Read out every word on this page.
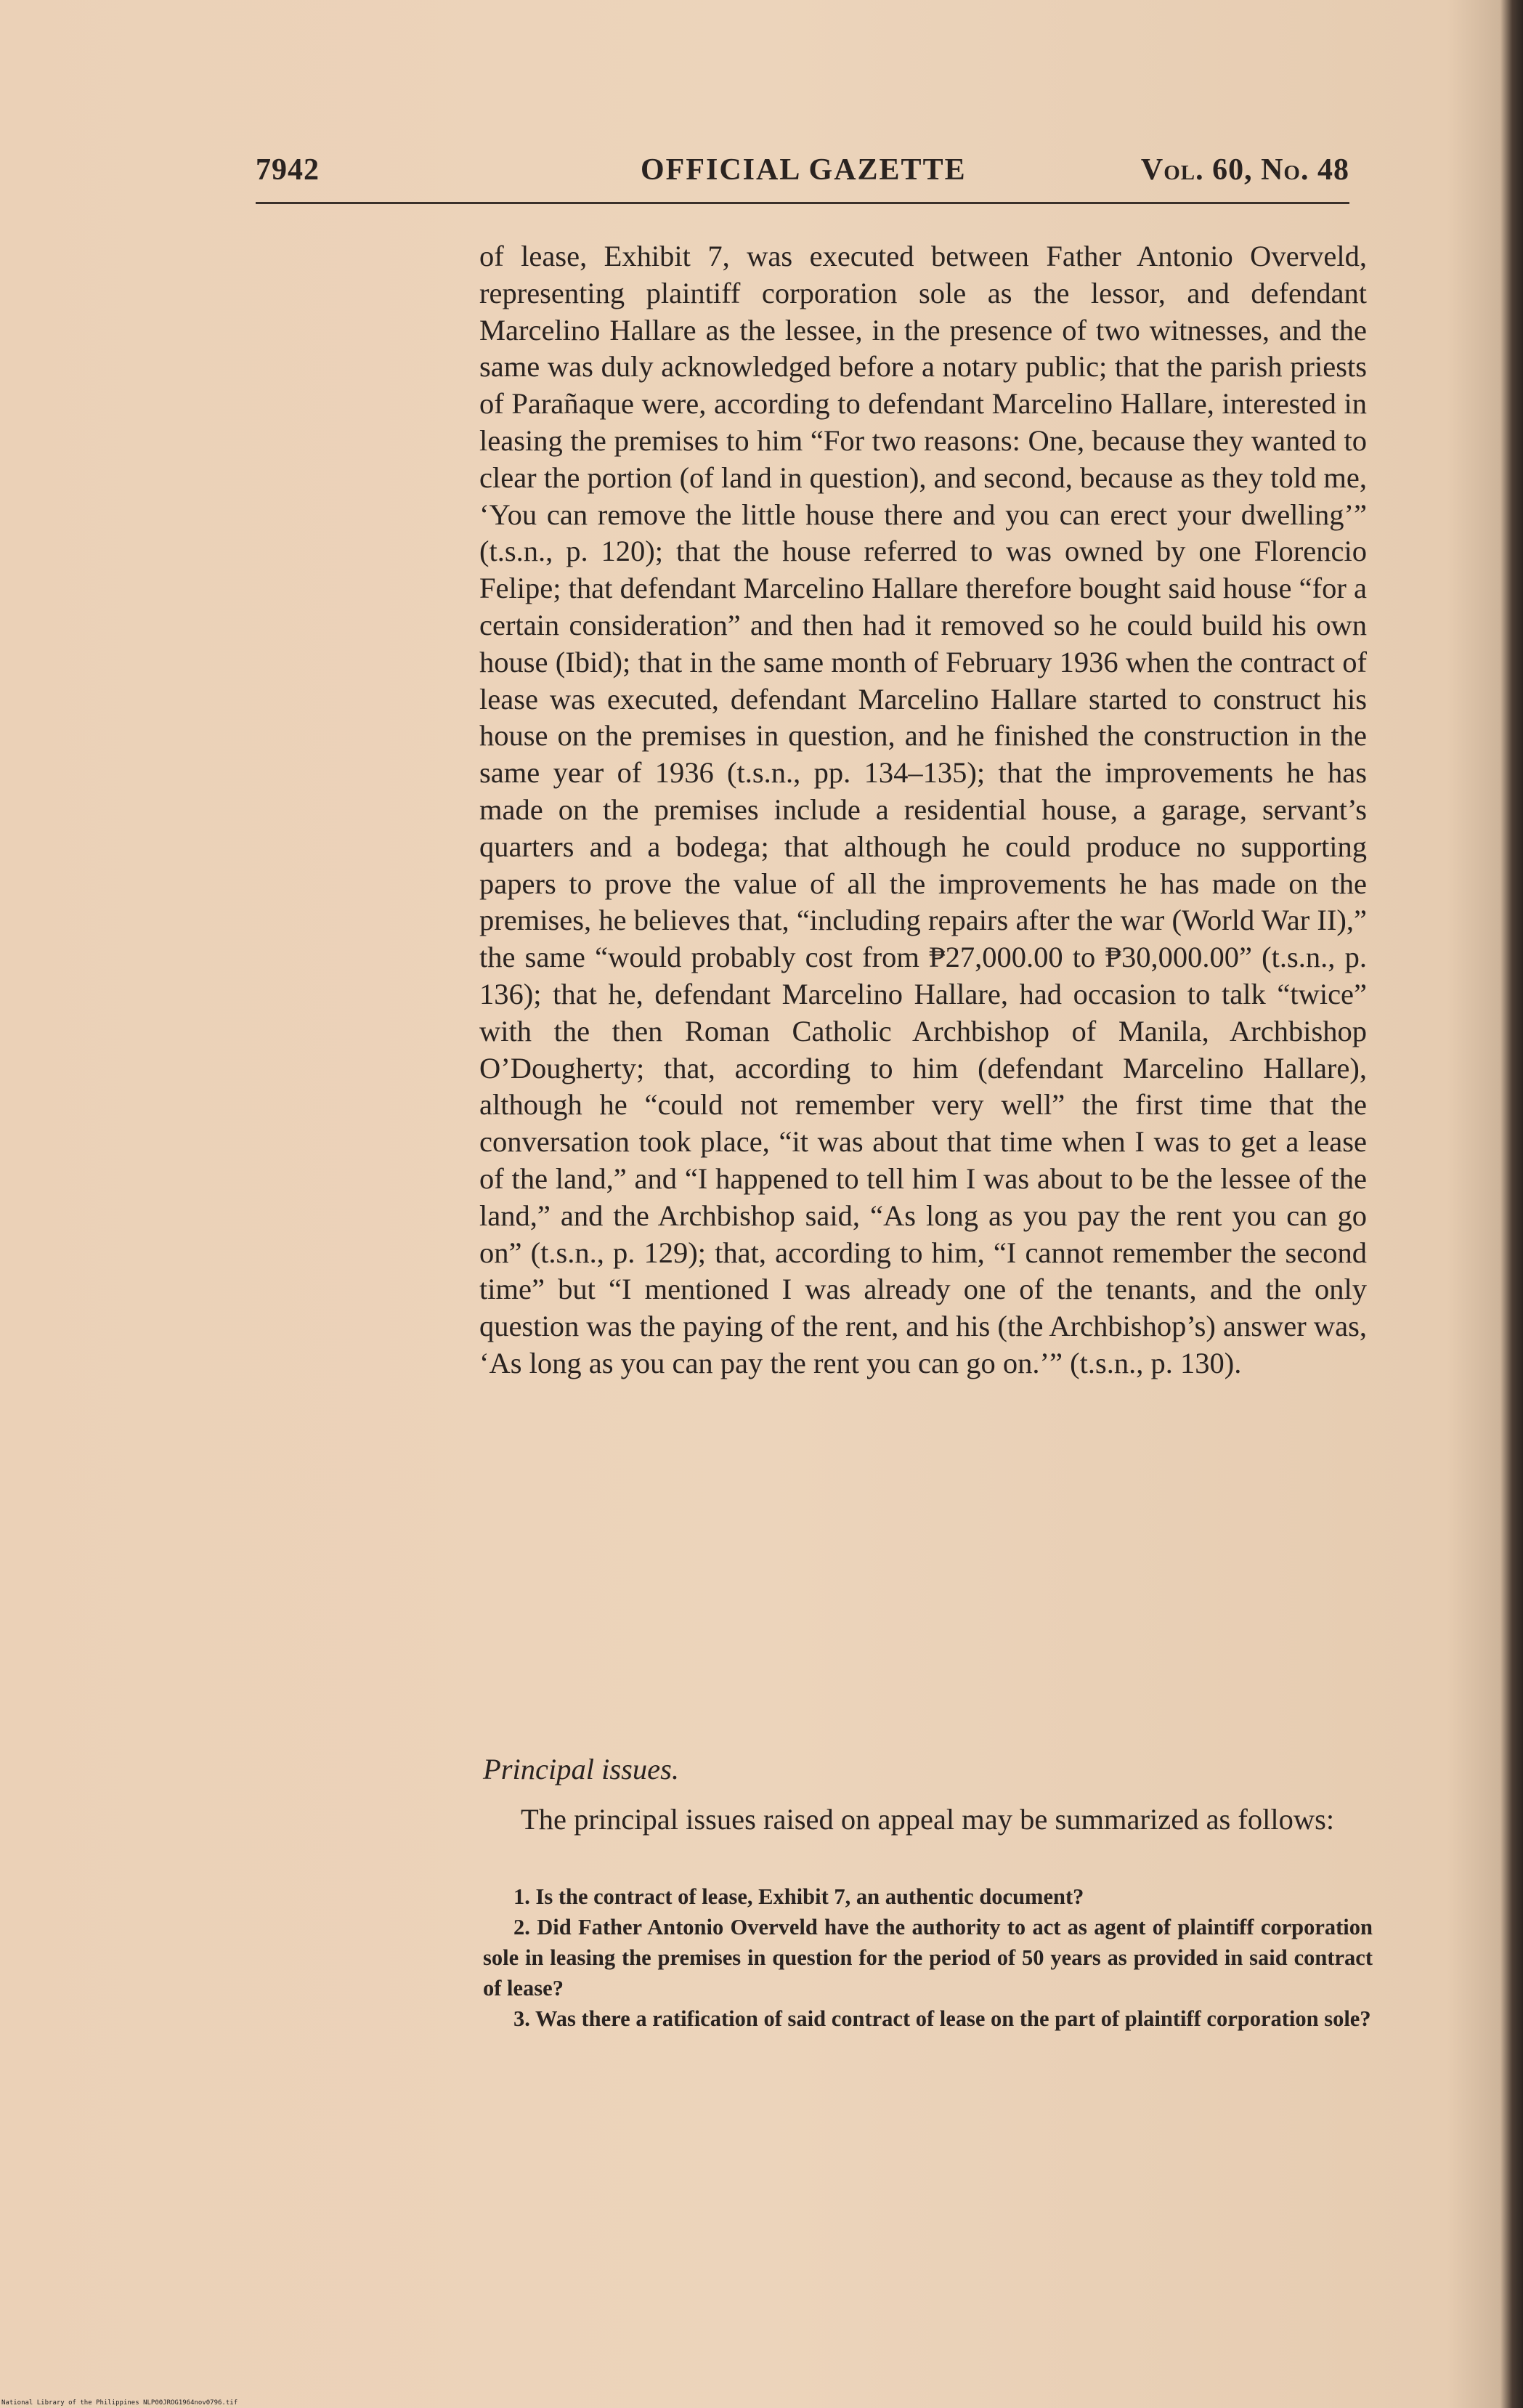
7942	OFFICIAL GAZETTE	Vol. 60, No. 48

of lease, Exhibit 7, was executed between Father Antonio Overveld, representing plaintiff corporation sole as the lessor, and defendant Marcelino Hallare as the lessee, in the presence of two witnesses, and the same was duly acknowledged before a notary public; that the parish priests of Parañaque were, according to defendant Marcelino Hallare, interested in leasing the premises to him “For two reasons: One, because they wanted to clear the portion (of land in question), and second, because as they told me, ‘You can remove the little house there and you can erect your dwelling’” (t.s.n., p. 120); that the house referred to was owned by one Florencio Felipe; that defendant Marcelino Hallare therefore bought said house “for a certain consideration” and then had it removed so he could build his own house (Ibid); that in the same month of February 1936 when the contract of lease was executed, defendant Marcelino Hallare started to construct his house on the premises in question, and he finished the construction in the same year of 1936 (t.s.n., pp. 134–135); that the improvements he has made on the premises include a residential house, a garage, servant’s quarters and a bodega; that although he could produce no supporting papers to prove the value of all the improvements he has made on the premises, he believes that, “including repairs after the war (World War II),” the same “would probably cost from ₱27,000.00 to ₱30,000.00” (t.s.n., p. 136); that he, defendant Marcelino Hallare, had occasion to talk “twice” with the then Roman Catholic Archbishop of Manila, Archbishop O’Dougherty; that, according to him (defendant Marcelino Hallare), although he “could not remember very well” the first time that the conversation took place, “it was about that time when I was to get a lease of the land,” and “I happened to tell him I was about to be the lessee of the land,” and the Archbishop said, “As long as you pay the rent you can go on” (t.s.n., p. 129); that, according to him, “I cannot remember the second time” but “I mentioned I was already one of the tenants, and the only question was the paying of the rent, and his (the Archbishop’s) answer was, ‘As long as you can pay the rent you can go on.’” (t.s.n., p. 130).

Principal issues.

The principal issues raised on appeal may be summarized as follows:

1. Is the contract of lease, Exhibit 7, an authentic document?
2. Did Father Antonio Overveld have the authority to act as agent of plaintiff corporation sole in leasing the premises in question for the period of 50 years as provided in said contract of lease?
3. Was there a ratification of said contract of lease on the part of plaintiff corporation sole?
National Library of the Philippines NLP00JROG1964nov0796.tif
